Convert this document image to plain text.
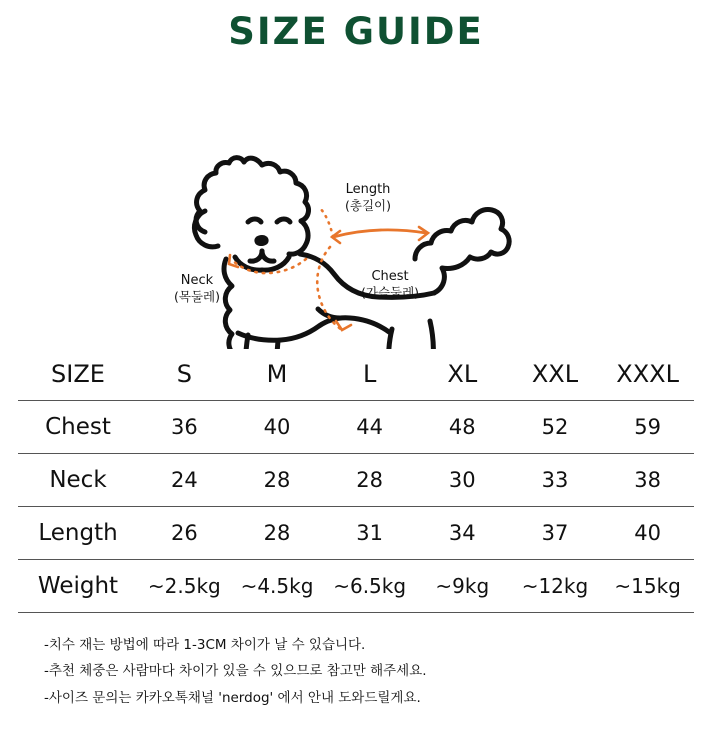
SIZE GUIDE
Length
(총길이)
Neck
(목둘레)
Chest
(가슴둘레)
SIZE	S	M	L	XL	XXL	XXXL
Chest	36	40	44	48	52	59
Neck	24	28	28	30	33	38
Length	26	28	31	34	37	40
Weight	~2.5kg	~4.5kg	~6.5kg	~9kg	~12kg	~15kg
-치수 재는 방법에 따라 1-3CM 차이가 날 수 있습니다.
-추천 체중은 사람마다 차이가 있을 수 있으므로 참고만 해주세요.
-사이즈 문의는 카카오톡채널 'nerdog' 에서 안내 도와드릴게요.
